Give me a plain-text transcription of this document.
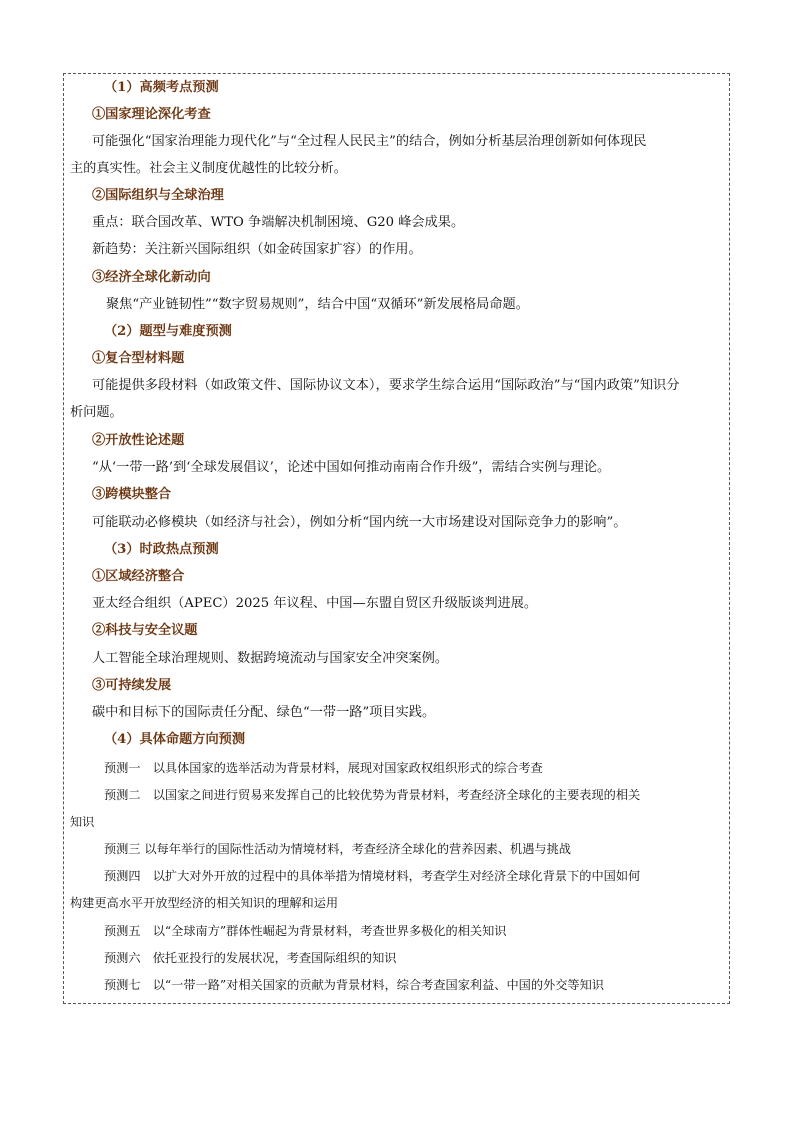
（1）高频考点预测
①国家理论深化考查
可能强化“国家治理能力现代化”与“全过程人民民主”的结合，例如分析基层治理创新如何体现民
主的真实性。社会主义制度优越性的比较分析。
②国际组织与全球治理
重点：联合国改革、WTO 争端解决机制困境、G20 峰会成果。
新趋势：关注新兴国际组织（如金砖国家扩容）的作用。
③经济全球化新动向
聚焦“产业链韧性”“数字贸易规则”，结合中国“双循环”新发展格局命题。
（2）题型与难度预测
①复合型材料题
可能提供多段材料（如政策文件、国际协议文本），要求学生综合运用“国际政治”与“国内政策”知识分
析问题。
②开放性论述题
“从‘一带一路’到‘全球发展倡议’，论述中国如何推动南南合作升级”，需结合实例与理论。
③跨模块整合
可能联动必修模块（如经济与社会），例如分析“国内统一大市场建设对国际竞争力的影响”。
（3）时政热点预测
①区域经济整合
亚太经合组织（APEC）2025 年议程、中国—东盟自贸区升级版谈判进展。
②科技与安全议题
人工智能全球治理规则、数据跨境流动与国家安全冲突案例。
③可持续发展
碳中和目标下的国际责任分配、绿色“一带一路”项目实践。
（4）具体命题方向预测
预测一　以具体国家的选举活动为背景材料，展现对国家政权组织形式的综合考查
预测二　以国家之间进行贸易来发挥自己的比较优势为背景材料，考查经济全球化的主要表现的相关
知识
预测三 以每年举行的国际性活动为情境材料，考查经济全球化的营养因素、机遇与挑战
预测四　以扩大对外开放的过程中的具体举措为情境材料，考查学生对经济全球化背景下的中国如何
构建更高水平开放型经济的相关知识的理解和运用
预测五　以“全球南方”群体性崛起为背景材料，考查世界多极化的相关知识
预测六　依托亚投行的发展状况，考查国际组织的知识
预测七　以“一带一路”对相关国家的贡献为背景材料，综合考查国家利益、中国的外交等知识
